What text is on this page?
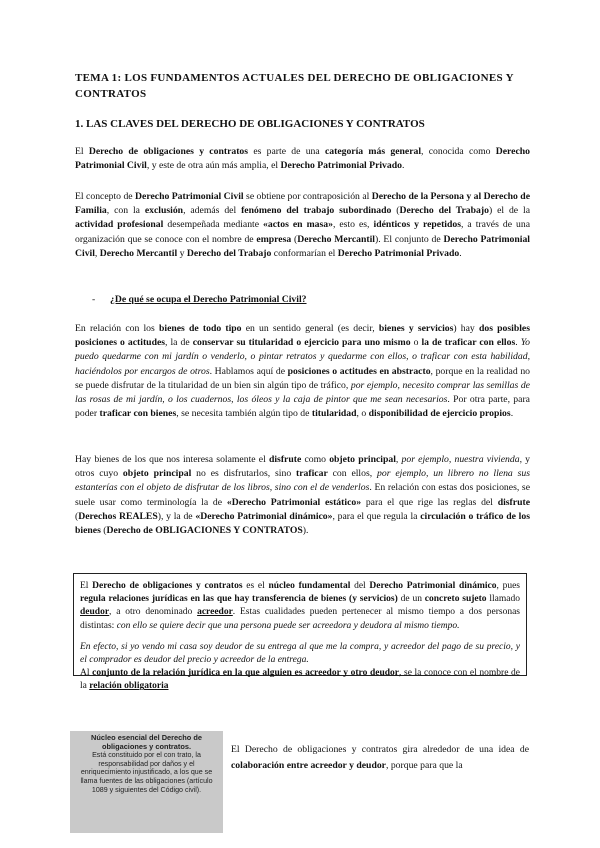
TEMA 1: LOS FUNDAMENTOS ACTUALES DEL DERECHO DE OBLIGACIONES Y CONTRATOS
1. LAS CLAVES DEL DERECHO DE OBLIGACIONES Y CONTRATOS

El Derecho de obligaciones y contratos es parte de una categoría más general, conocida como Derecho Patrimonial Civil, y este de otra aún más amplia, el Derecho Patrimonial Privado.

El concepto de Derecho Patrimonial Civil se obtiene por contraposición al Derecho de la Persona y al Derecho de Familia, con la exclusión, además del fenómeno del trabajo subordinado (Derecho del Trabajo) el de la actividad profesional desempeñada mediante «actos en masa», esto es, idénticos y repetidos, a través de una organización que se conoce con el nombre de empresa (Derecho Mercantil). El conjunto de Derecho Patrimonial Civil, Derecho Mercantil y Derecho del Trabajo conformarían el Derecho Patrimonial Privado.

- ¿De qué se ocupa el Derecho Patrimonial Civil?

En relación con los bienes de todo tipo en un sentido general (es decir, bienes y servicios) hay dos posibles posiciones o actitudes, la de conservar su titularidad o ejercicio para uno mismo o la de traficar con ellos. Yo puedo quedarme con mi jardín o venderlo, o pintar retratos y quedarme con ellos, o traficar con esta habilidad, haciéndolos por encargos de otros. Hablamos aquí de posiciones o actitudes en abstracto, porque en la realidad no se puede disfrutar de la titularidad de un bien sin algún tipo de tráfico, por ejemplo, necesito comprar las semillas de las rosas de mi jardín, o los cuadernos, los óleos y la caja de pintor que me sean necesarios. Por otra parte, para poder traficar con bienes, se necesita también algún tipo de titularidad, o disponibilidad de ejercicio propios.

Hay bienes de los que nos interesa solamente el disfrute como objeto principal, por ejemplo, nuestra vivienda, y otros cuyo objeto principal no es disfrutarlos, sino traficar con ellos, por ejemplo, un librero no llena sus estanterías con el objeto de disfrutar de los libros, sino con el de venderlos. En relación con estas dos posiciones, se suele usar como terminología la de «Derecho Patrimonial estático» para el que rige las reglas del disfrute (Derechos REALES), y la de «Derecho Patrimonial dinámico», para el que regula la circulación o tráfico de los bienes (Derecho de OBLIGACIONES Y CONTRATOS).

El Derecho de obligaciones y contratos es el núcleo fundamental del Derecho Patrimonial dinámico, pues regula relaciones jurídicas en las que hay transferencia de bienes (y servicios) de un concreto sujeto llamado deudor, a otro denominado acreedor. Estas cualidades pueden pertenecer al mismo tiempo a dos personas distintas: con ello se quiere decir que una persona puede ser acreedora y deudora al mismo tiempo.

En efecto, si yo vendo mi casa soy deudor de su entrega al que me la compra, y acreedor del pago de su precio, y el comprador es deudor del precio y acreedor de la entrega.

Al conjunto de la relación jurídica en la que alguien es acreedor y otro deudor, se la conoce con el nombre de la relación obligatoria

Núcleo esencial del Derecho de obligaciones y contratos.
Está constituido por el con trato, la responsabilidad por daños y el enriquecimiento injustificado, a los que se llama fuentes de las obligaciones (artículo 1089 y siguientes del Código civil).

El Derecho de obligaciones y contratos gira alrededor de una idea de colaboración entre acreedor y deudor, porque para que la
